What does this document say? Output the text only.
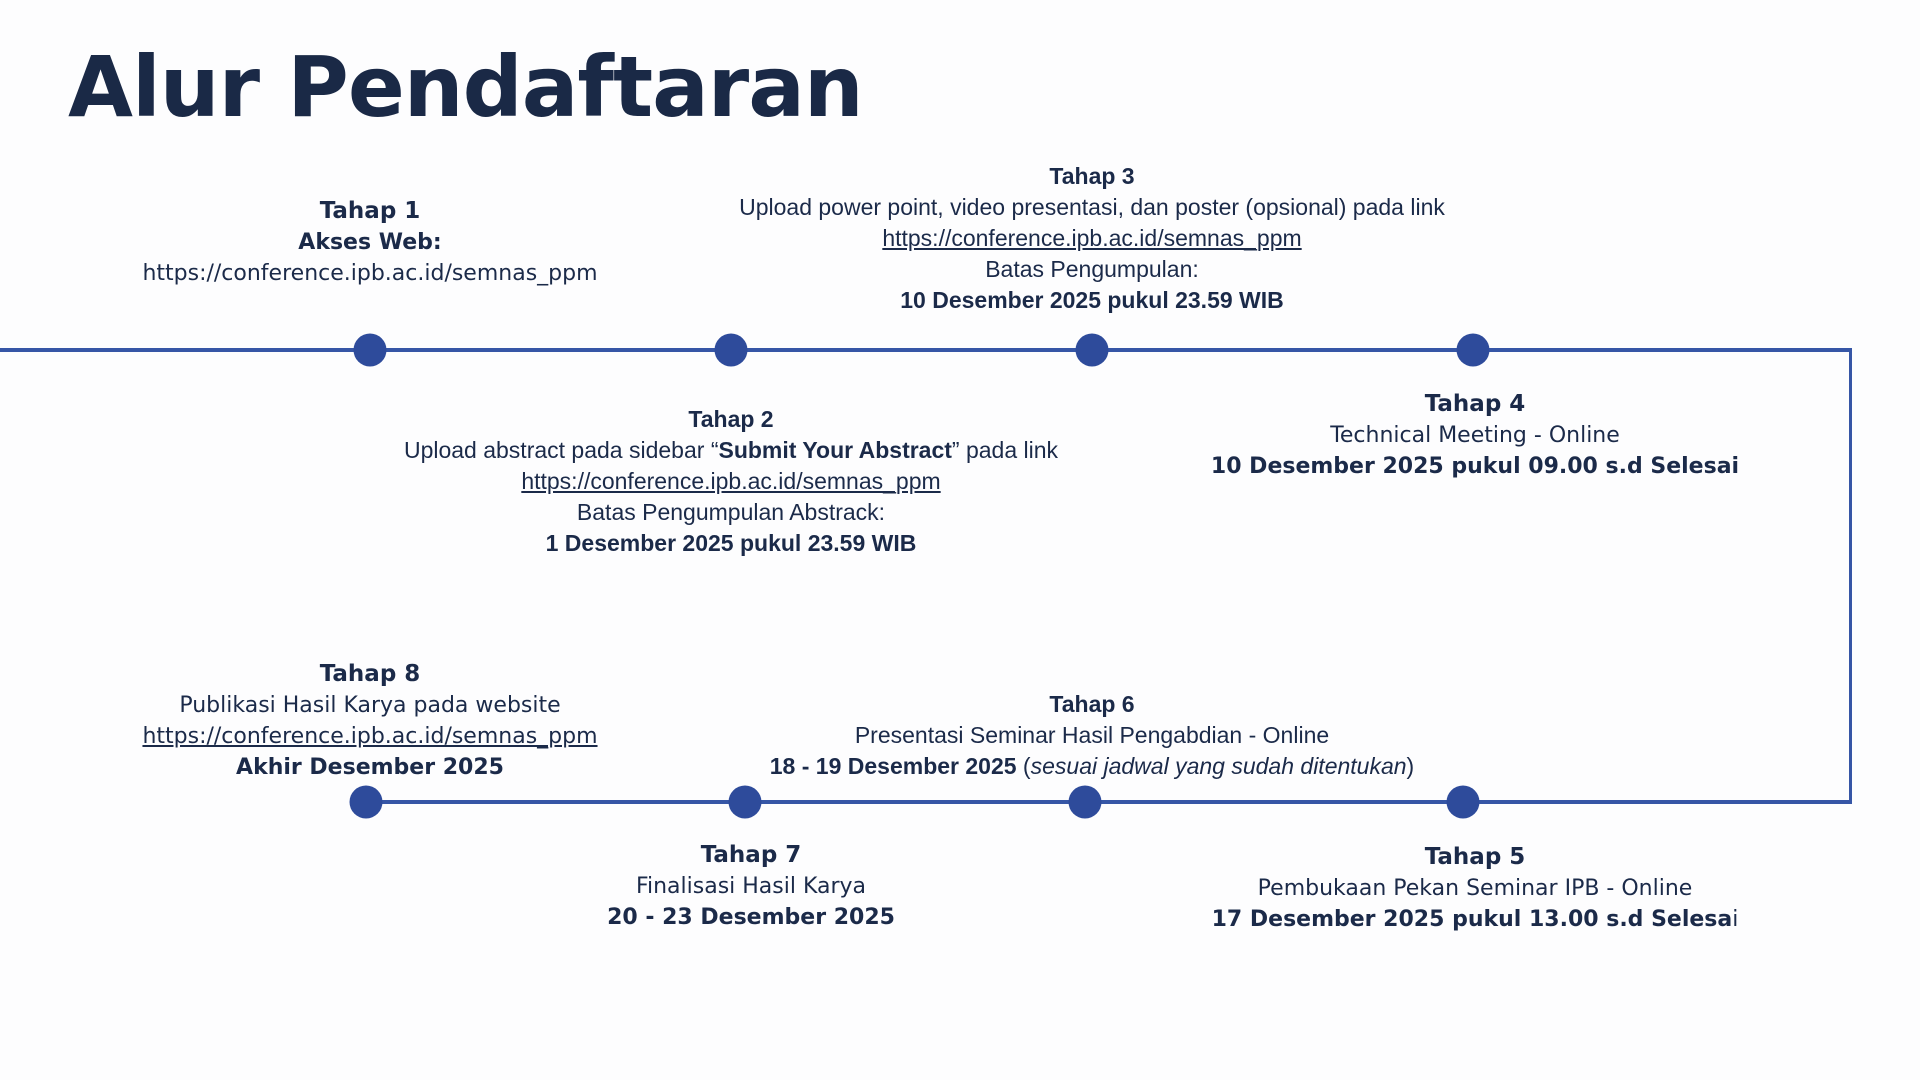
Alur Pendaftaran
Tahap 1
Akses Web:
https://conference.ipb.ac.id/semnas_ppm
Tahap 3
Upload power point, video presentasi, dan poster (opsional) pada link
https://conference.ipb.ac.id/semnas_ppm
Batas Pengumpulan:
10 Desember 2025 pukul 23.59 WIB
Tahap 2
Upload abstract pada sidebar “Submit Your Abstract” pada link
https://conference.ipb.ac.id/semnas_ppm
Batas Pengumpulan Abstrack:
1 Desember 2025 pukul 23.59 WIB
Tahap 4
Technical Meeting - Online
10 Desember 2025 pukul 09.00 s.d Selesai
Tahap 8
Publikasi Hasil Karya pada website
https://conference.ipb.ac.id/semnas_ppm
Akhir Desember 2025
Tahap 6
Presentasi Seminar Hasil Pengabdian - Online
18 - 19 Desember 2025 (sesuai jadwal yang sudah ditentukan)
Tahap 7
Finalisasi Hasil Karya
20 - 23 Desember 2025
Tahap 5
Pembukaan Pekan Seminar IPB - Online
17 Desember 2025 pukul 13.00 s.d Selesai
